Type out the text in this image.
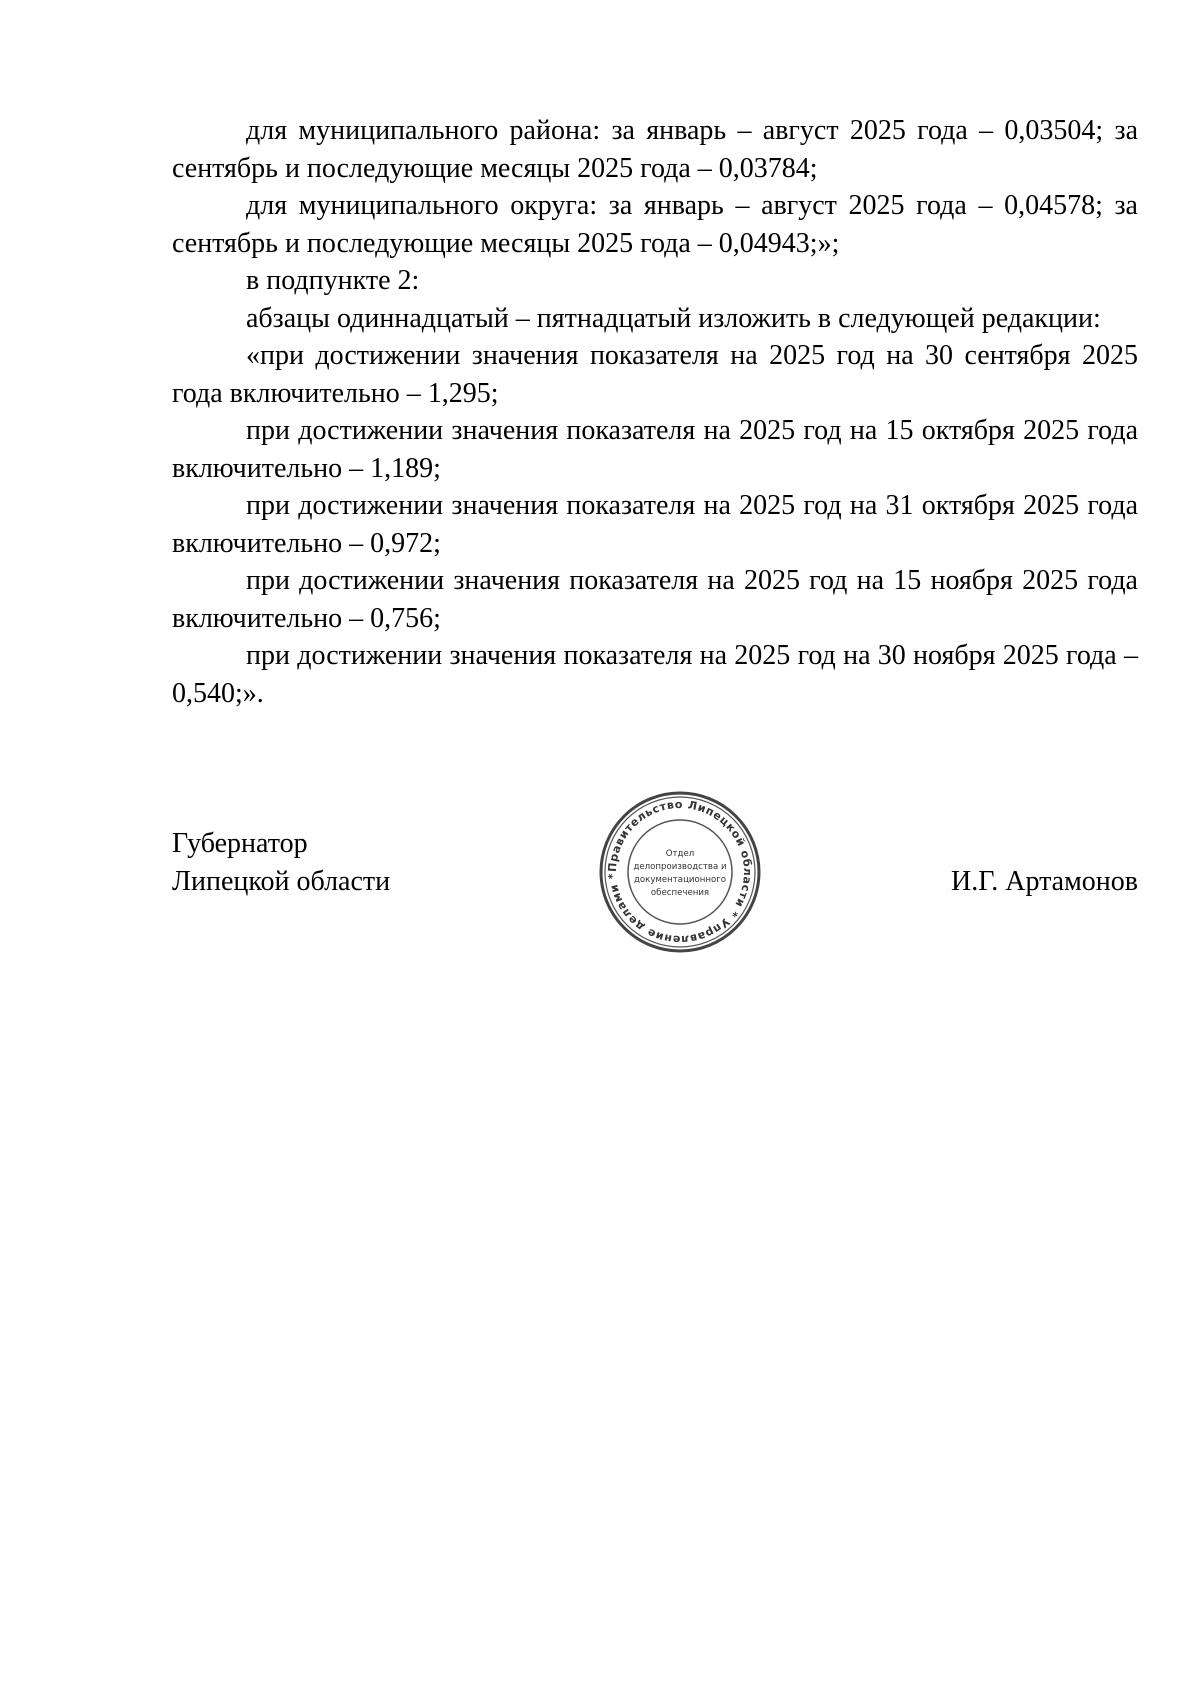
для муниципального района: за январь – август 2025 года – 0,03504; за сентябрь и последующие месяцы 2025 года – 0,03784;

для муниципального округа: за январь – август 2025 года – 0,04578; за сентябрь и последующие месяцы 2025 года – 0,04943;»;

в подпункте 2:

абзацы одиннадцатый – пятнадцатый изложить в следующей редакции:

«при достижении значения показателя на 2025 год на 30 сентября 2025 года включительно – 1,295;

при достижении значения показателя на 2025 год на 15 октября 2025 года включительно – 1,189;

при достижении значения показателя на 2025 год на 31 октября 2025 года включительно – 0,972;

при достижении значения показателя на 2025 год на 15 ноября 2025 года включительно – 0,756;

при достижении значения показателя на 2025 год на 30 ноября 2025 года – 0,540;».

Губернатор
Липецкой области	И.Г. Артамонов
Правительство Липецкой области * Управление делами *
Отдел
делопроизводства и
документационного
обеспечения
